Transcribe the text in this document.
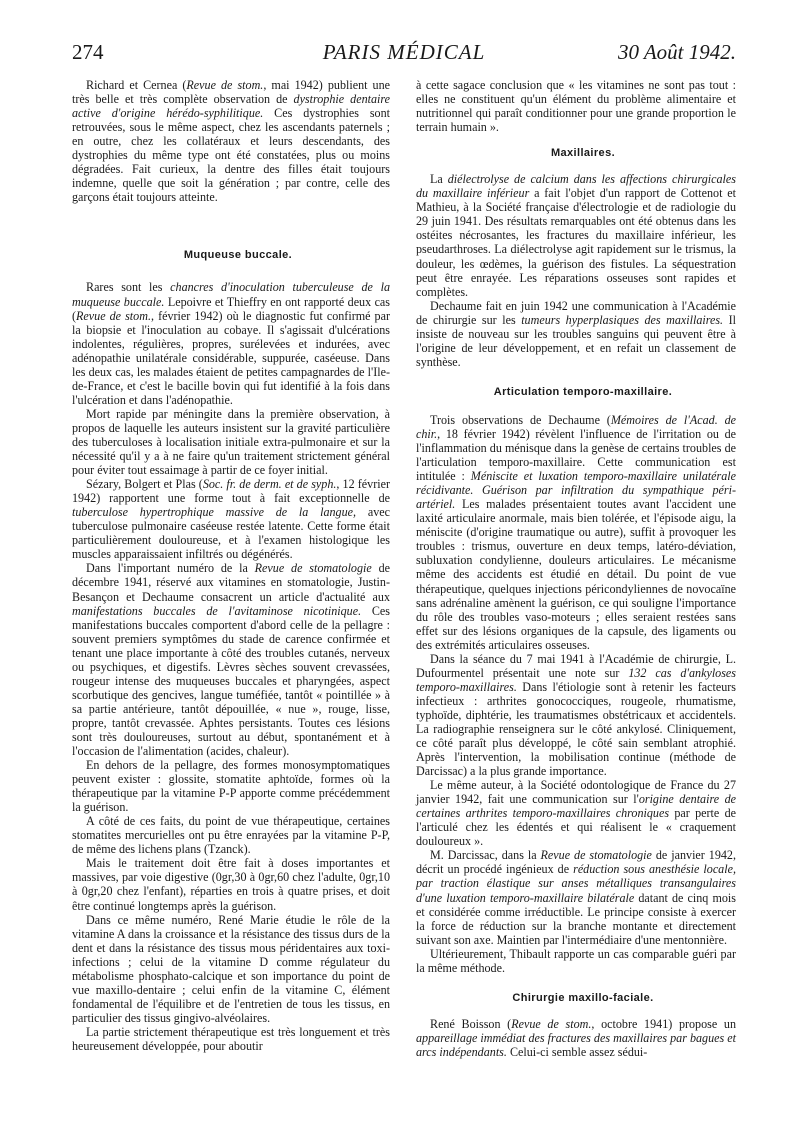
274	PARIS MÉDICAL	30 Août 1942.

Richard et Cernea (Revue de stom., mai 1942) publient une très belle et très complète observation de dystrophie dentaire active d'origine hérédo-syphilitique. Ces dystrophies sont retrouvées, sous le même aspect, chez les ascendants paternels ; en outre, chez les collatéraux et leurs descendants, des dystrophies du même type ont été constatées, plus ou moins dégradées. Fait curieux, la dentre des filles était toujours indemne, quelle que soit la génération ; par contre, celle des garçons était toujours atteinte.

Muqueuse buccale.

Rares sont les chancres d'inoculation tuberculeuse de la muqueuse buccale. Lepoivre et Thieffry en ont rapporté deux cas (Revue de stom., février 1942) où le diagnostic fut confirmé par la biopsie et l'inoculation au cobaye. Il s'agissait d'ulcérations indolentes, régulières, propres, surélevées et indurées, avec adénopathie unilatérale considérable, suppurée, caséeuse. Dans les deux cas, les malades étaient de petites campagnardes de l'Ile-de-France, et c'est le bacille bovin qui fut identifié à la fois dans l'ulcération et dans l'adénopathie.

Mort rapide par méningite dans la première observation, à propos de laquelle les auteurs insistent sur la gravité particulière des tuberculoses à localisation initiale extra-pulmonaire et sur la nécessité qu'il y a à ne faire qu'un traitement strictement général pour éviter tout essaimage à partir de ce foyer initial.

Sézary, Bolgert et Plas (Soc. fr. de derm. et de syph., 12 février 1942) rapportent une forme tout à fait exceptionnelle de tuberculose hypertrophique massive de la langue, avec tuberculose pulmonaire caséeuse restée latente. Cette forme était particulièrement douloureuse, et à l'examen histologique les muscles apparaissaient infiltrés ou dégénérés.

Dans l'important numéro de la Revue de stomatologie de décembre 1941, réservé aux vitamines en stomatologie, Justin-Besançon et Dechaume consacrent un article d'actualité aux manifestations buccales de l'avitaminose nicotinique. Ces manifestations buccales comportent d'abord celle de la pellagre : souvent premiers symptômes du stade de carence confirmée et tenant une place importante à côté des troubles cutanés, nerveux ou psychiques, et digestifs. Lèvres sèches souvent crevassées, rougeur intense des muqueuses buccales et pharyngées, aspect scorbutique des gencives, langue tuméfiée, tantôt « pointillée » à sa partie antérieure, tantôt dépouillée, « nue », rouge, lisse, propre, tantôt crevassée. Aphtes persistants. Toutes ces lésions sont très douloureuses, surtout au début, spontanément et à l'occasion de l'alimentation (acides, chaleur).

En dehors de la pellagre, des formes monosymptomatiques peuvent exister : glossite, stomatite aphtoïde, formes où la thérapeutique par la vitamine P-P apporte comme précédemment la guérison.

A côté de ces faits, du point de vue thérapeutique, certaines stomatites mercurielles ont pu être enrayées par la vitamine P-P, de même des lichens plans (Tzanck).

Mais le traitement doit être fait à doses importantes et massives, par voie digestive (0gr,30 à 0gr,60 chez l'adulte, 0gr,10 à 0gr,20 chez l'enfant), réparties en trois à quatre prises, et doit être continué longtemps après la guérison.

Dans ce même numéro, René Marie étudie le rôle de la vitamine A dans la croissance et la résistance des tissus durs de la dent et dans la résistance des tissus mous péridentaires aux toxi-infections ; celui de la vitamine D comme régulateur du métabolisme phosphato-calcique et son importance du point de vue maxillo-dentaire ; celui enfin de la vitamine C, élément fondamental de l'équilibre et de l'entretien de tous les tissus, en particulier des tissus gingivo-alvéolaires.

La partie strictement thérapeutique est très longuement et très heureusement développée, pour aboutir

à cette sagace conclusion que « les vitamines ne sont pas tout : elles ne constituent qu'un élément du problème alimentaire et nutritionnel qui paraît conditionner pour une grande proportion le terrain humain ».

Maxillaires.

La diélectrolyse de calcium dans les affections chirurgicales du maxillaire inférieur a fait l'objet d'un rapport de Cottenot et Mathieu, à la Société française d'électrologie et de radiologie du 29 juin 1941. Des résultats remarquables ont été obtenus dans les ostéites nécrosantes, les fractures du maxillaire inférieur, les pseudarthroses. La diélectrolyse agit rapidement sur le trismus, la douleur, les œdèmes, la guérison des fistules. La séquestration peut être enrayée. Les réparations osseuses sont rapides et complètes.

Dechaume fait en juin 1942 une communication à l'Académie de chirurgie sur les tumeurs hyperplasiques des maxillaires. Il insiste de nouveau sur les troubles sanguins qui peuvent être à l'origine de leur développement, et en refait un classement de synthèse.

Articulation temporo-maxillaire.

Trois observations de Dechaume (Mémoires de l'Acad. de chir., 18 février 1942) révèlent l'influence de l'irritation ou de l'inflammation du ménisque dans la genèse de certains troubles de l'articulation temporo-maxillaire. Cette communication est intitulée : Méniscite et luxation temporo-maxillaire unilatérale récidivante. Guérison par infiltration du sympathique péri-artériel. Les malades présentaient toutes avant l'accident une laxité articulaire anormale, mais bien tolérée, et l'épisode aigu, la méniscite (d'origine traumatique ou autre), suffit à provoquer les troubles : trismus, ouverture en deux temps, latéro-déviation, subluxation condylienne, douleurs articulaires. Le mécanisme même des accidents est étudié en détail. Du point de vue thérapeutique, quelques injections péricondyliennes de novocaïne sans adrénaline amènent la guérison, ce qui souligne l'importance du rôle des troubles vaso-moteurs ; elles seraient restées sans effet sur des lésions organiques de la capsule, des ligaments ou des extrémités articulaires osseuses.

Dans la séance du 7 mai 1941 à l'Académie de chirurgie, L. Dufourmentel présentait une note sur 132 cas d'ankyloses temporo-maxillaires. Dans l'étiologie sont à retenir les facteurs infectieux : arthrites gonococciques, rougeole, rhumatisme, typhoïde, diphtérie, les traumatismes obstétricaux et accidentels. La radiographie renseignera sur le côté ankylosé. Cliniquement, ce côté paraît plus développé, le côté sain semblant atrophié. Après l'intervention, la mobilisation continue (méthode de Darcissac) a la plus grande importance.

Le même auteur, à la Société odontologique de France du 27 janvier 1942, fait une communication sur l'origine dentaire de certaines arthrites temporo-maxillaires chroniques par perte de l'articulé chez les édentés et qui réalisent le « craquement douloureux ».

M. Darcissac, dans la Revue de stomatologie de janvier 1942, décrit un procédé ingénieux de réduction sous anesthésie locale, par traction élastique sur anses métalliques transangulaires d'une luxation temporo-maxillaire bilatérale datant de cinq mois et considérée comme irréductible. Le principe consiste à exercer la force de réduction sur la branche montante et directement suivant son axe. Maintien par l'intermédiaire d'une mentonnière.

Ultérieurement, Thibault rapporte un cas comparable guéri par la même méthode.

Chirurgie maxillo-faciale.

René Boisson (Revue de stom., octobre 1941) propose un appareillage immédiat des fractures des maxillaires par bagues et arcs indépendants. Celui-ci semble assez sédui-
